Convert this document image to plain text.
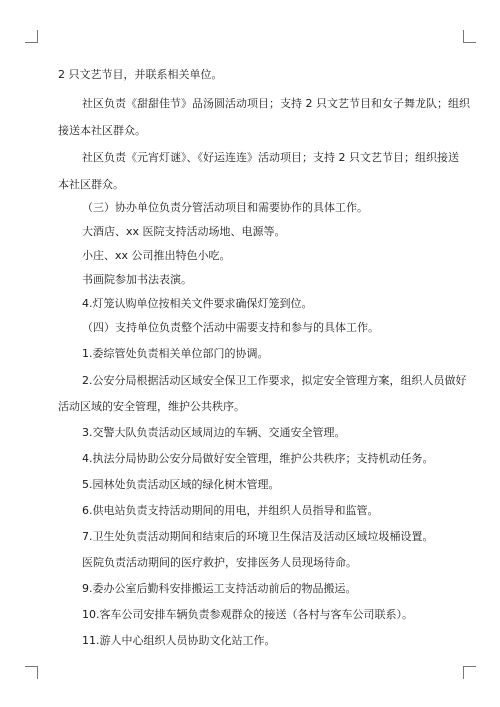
2 只文艺节目，并联系相关单位。
社区负责《甜甜佳节》品汤圆活动项目；支持 2 只文艺节目和女子舞龙队；组织
接送本社区群众。
社区负责《元宵灯谜》、《好运连连》活动项目；支持 2 只文艺节目；组织接送
本社区群众。
（三）协办单位负责分管活动项目和需要协作的具体工作。
大酒店、xx 医院支持活动场地、电源等。
小庄、xx 公司推出特色小吃。
书画院参加书法表演。
4.灯笼认购单位按相关文件要求确保灯笼到位。
（四）支持单位负责整个活动中需要支持和参与的具体工作。
1.委综管处负责相关单位部门的协调。
2.公安分局根据活动区域安全保卫工作要求，拟定安全管理方案，组织人员做好
活动区域的安全管理，维护公共秩序。
3.交警大队负责活动区域周边的车辆、交通安全管理。
4.执法分局协助公安分局做好安全管理，维护公共秩序；支持机动任务。
5.园林处负责活动区域的绿化树木管理。
6.供电站负责支持活动期间的用电，并组织人员指导和监管。
7.卫生处负责活动期间和结束后的环境卫生保洁及活动区域垃圾桶设置。
医院负责活动期间的医疗救护，安排医务人员现场待命。
9.委办公室后勤科安排搬运工支持活动前后的物品搬运。
10.客车公司安排车辆负责参观群众的接送（各村与客车公司联系）。
11.游人中心组织人员协助文化站工作。
